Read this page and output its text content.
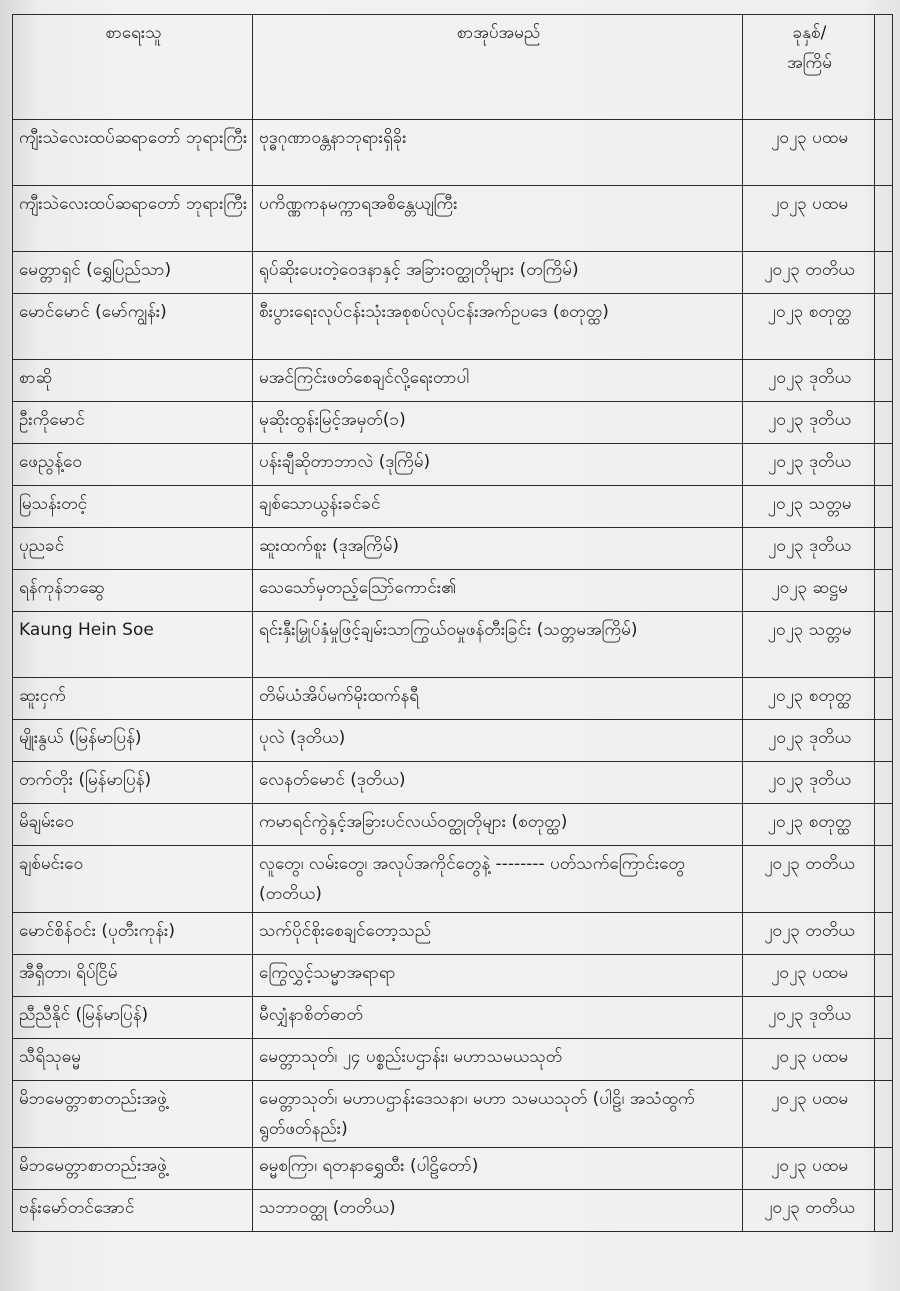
စာရေးသူ	စာအုပ်အမည်	ခုနှစ်/
အကြိမ်	

ကျီးသဲလေးထပ်ဆရာတော် ဘုရားကြီး	ဗုဒ္ဓဂုဏာဝန္တနာဘုရားရှိခိုး	၂၀၂၃ ပထမ	
ကျီးသဲလေးထပ်ဆရာတော် ဘုရားကြီး	ပကိဏ္ဏကနမက္ကာရအစိန္တေယျကြီး	၂၀၂၃ ပထမ	
မေတ္တာရှင် (ရွှေပြည်သာ)	ရုပ်ဆိုးပေးတဲ့ဝေဒနာနှင့် အခြားဝတ္ထုတိုများ (တကြိမ်)	၂၀၂၃ တတိယ	
မောင်မောင် (မော်ကျွန်း)	စီးပွားရေးလုပ်ငန်းသုံးအစုစပ်လုပ်ငန်းအက်ဥပဒေ (စတုတ္ထ)	၂၀၂၃ စတုတ္ထ	
စာဆို	မအင်ကြင်းဖတ်စေချင်လို့ရေးတာပါ	၂၀၂၃ ဒုတိယ	
ဦးကိုမောင်	မုဆိုးထွန်းမြင့်အမှတ်(၁)	၂၀၂၃ ဒုတိယ	
ဖေညွန့်ဝေ	ပန်းချီဆိုတာဘာလဲ (ဒုကြိမ်)	၂၀၂၃ ဒုတိယ	
မြသန်းတင့်	ချစ်သောယွန်းခင်ခင်	၂၀၂၃ သတ္တမ	
ပုညခင်	ဆူးထက်စူး (ဒုအကြိမ်)	၂၀၂၃ ဒုတိယ	
ရန်ကုန်ဘဆွေ	သေသော်မှတည့်သြော်ကောင်း၏	၂၀၂၃ ဆဋ္ဌမ	
Kaung Hein Soe	ရင်းနှီးမြှုပ်နှံမှုဖြင့်ချမ်းသာကြွယ်ဝမှုဖန်တီးခြင်း (သတ္တမအကြိမ်)	၂၀၂၃ သတ္တမ	
ဆူးငှက်	တိမ်ယံအိပ်မက်မိုးထက်နရီ	၂၀၂၃ စတုတ္ထ	
မျိုးနွယ် (မြန်မာပြန်)	ပုလဲ (ဒုတိယ)	၂၀၂၃ ဒုတိယ	
တက်တိုး (မြန်မာပြန်)	လေနတ်မောင် (ဒုတိယ)	၂၀၂၃ ဒုတိယ	
မိချမ်းဝေ	ကမာရင်ကွဲနှင့်အခြားပင်လယ်ဝတ္ထုတိုများ (စတုတ္ထ)	၂၀၂၃ စတုတ္ထ	
ချစ်မင်းဝေ	လူတွေ၊ လမ်းတွေ၊ အလုပ်အကိုင်တွေနဲ့ -------- ပတ်သက်ကြောင်းတွေ (တတိယ)	၂၀၂၃ တတိယ	
မောင်စိန်ဝင်း (ပုတီးကုန်း)	သက်ပိုင်စိုးစေချင်တော့သည်	၂၀၂၃ တတိယ	
အီရှီတာ၊ ရိပ်ငြိမ်	ကြွေလွှင့်သမ္မာအရာရာ	၂၀၂၃ ပထမ	
ညီညီနိုင် (မြန်မာပြန်)	မီလျှံနာစိတ်ဓာတ်	၂၀၂၃ ဒုတိယ	
သီရိသုဓမ္မ	မေတ္တာသုတ်၊ ၂၄ ပစ္စည်းပဌာန်း၊ မဟာသမယသုတ်	၂၀၂၃ ပထမ	
မိဘမေတ္တာစာတည်းအဖွဲ့	မေတ္တာသုတ်၊ မဟာပဌာန်းဒေသနာ၊ မဟာ သမယသုတ် (ပါဠိ၊ အသံထွက်ရွတ်ဖတ်နည်း)	၂၀၂၃ ပထမ	
မိဘမေတ္တာစာတည်းအဖွဲ့	ဓမ္မစကြာ၊ ရတနာရွှေထီး (ပါဠိတော်)	၂၀၂၃ ပထမ	
ဗန်းမော်တင်အောင်	သဘာဝတ္ထု (တတိယ)	၂၀၂၃ တတိယ	
